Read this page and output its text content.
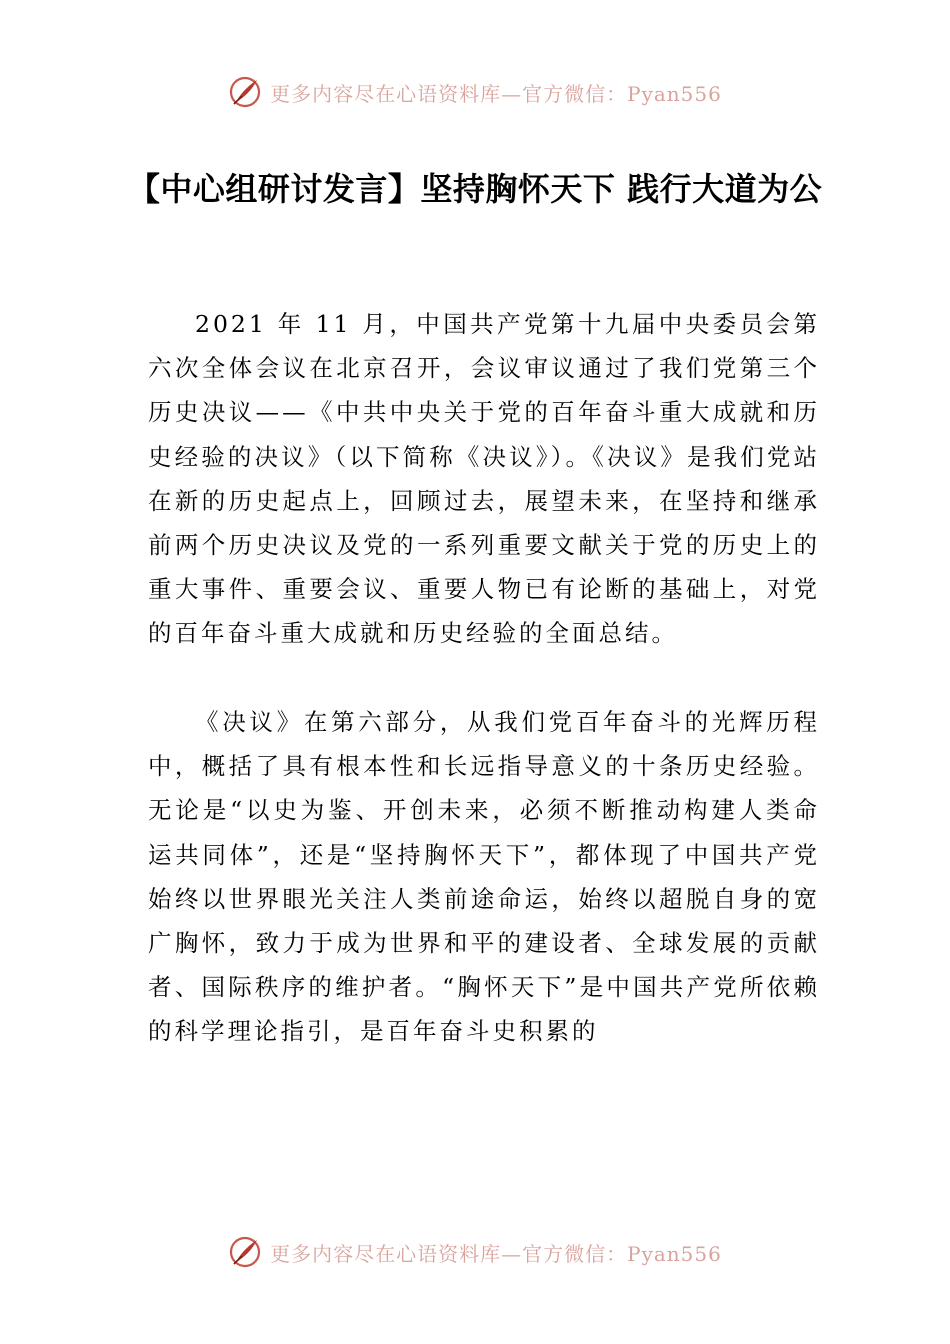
更多内容尽在心语资料库—官方微信：Pyan556
【中心组研讨发言】坚持胸怀天下 践行大道为公

2021 年 11 月，中国共产党第十九届中央委员会第六次全体会议在北京召开，会议审议通过了我们党第三个历史决议——《中共中央关于党的百年奋斗重大成就和历史经验的决议》（以下简称《决议》）。《决议》是我们党站在新的历史起点上，回顾过去，展望未来，在坚持和继承前两个历史决议及党的一系列重要文献关于党的历史上的重大事件、重要会议、重要人物已有论断的基础上，对党的百年奋斗重大成就和历史经验的全面总结。

《决议》在第六部分，从我们党百年奋斗的光辉历程中，概括了具有根本性和长远指导意义的十条历史经验。无论是“以史为鉴、开创未来，必须不断推动构建人类命运共同体”，还是“坚持胸怀天下”，都体现了中国共产党始终以世界眼光关注人类前途命运，始终以超脱自身的宽广胸怀，致力于成为世界和平的建设者、全球发展的贡献者、国际秩序的维护者。“胸怀天下”是中国共产党所依赖的科学理论指引，是百年奋斗史积累的

更多内容尽在心语资料库—官方微信：Pyan556
